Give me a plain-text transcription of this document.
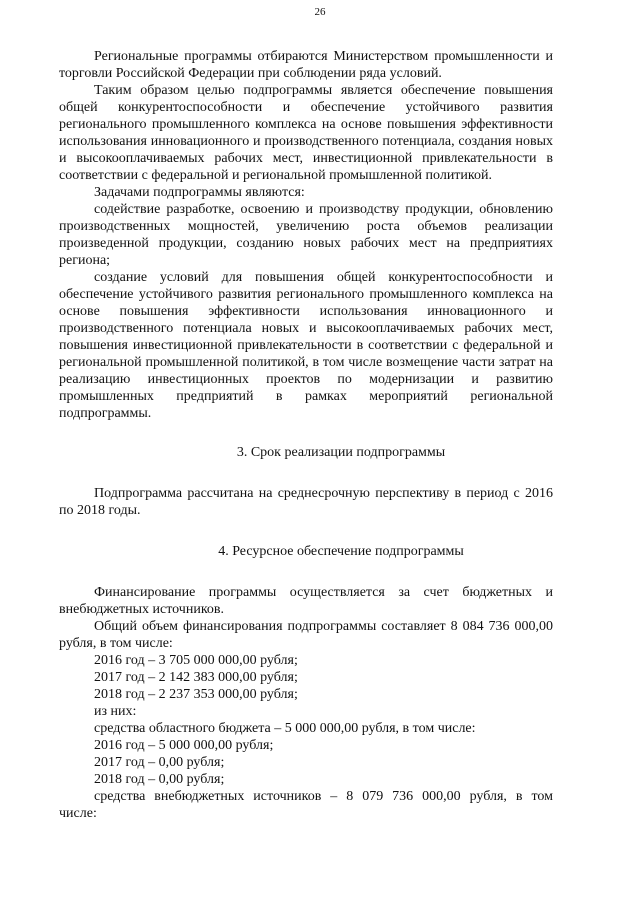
26

Региональные программы отбираются Министерством промышленности и торговли Российской Федерации при соблюдении ряда условий.

Таким образом целью подпрограммы является обеспечение повышения общей конкурентоспособности и обеспечение устойчивого развития регионального промышленного комплекса на основе повышения эффективности использования инновационного и производственного потенциала, создания новых и высокооплачиваемых рабочих мест, инвестиционной привлекательности в соответствии с федеральной и региональной промышленной политикой.

Задачами подпрограммы являются:

содействие разработке, освоению и производству продукции, обновлению производственных мощностей, увеличению роста объемов реализации произведенной продукции, созданию новых рабочих мест на предприятиях региона;

создание условий для повышения общей конкурентоспособности и обеспечение устойчивого развития регионального промышленного комплекса на основе повышения эффективности использования инновационного и производственного потенциала новых и высокооплачиваемых рабочих мест, повышения инвестиционной привлекательности в соответствии с федеральной и региональной промышленной политикой, в том числе возмещение части затрат на реализацию инвестиционных проектов по модернизации и развитию промышленных предприятий в рамках мероприятий региональной подпрограммы.

3. Срок реализации подпрограммы

Подпрограмма рассчитана на среднесрочную перспективу в период с 2016 по 2018 годы.

4. Ресурсное обеспечение подпрограммы

Финансирование программы осуществляется за счет бюджетных и внебюджетных источников.

Общий объем финансирования подпрограммы составляет 8 084 736 000,00 рубля, в том числе:

2016 год – 3 705 000 000,00 рубля;

2017 год – 2 142 383 000,00 рубля;

2018 год – 2 237 353 000,00 рубля;

из них:

средства областного бюджета – 5 000 000,00 рубля, в том числе:

2016 год – 5 000 000,00 рубля;

2017 год – 0,00 рубля;

2018 год – 0,00 рубля;

средства внебюджетных источников – 8 079 736 000,00 рубля, в том

числе:
